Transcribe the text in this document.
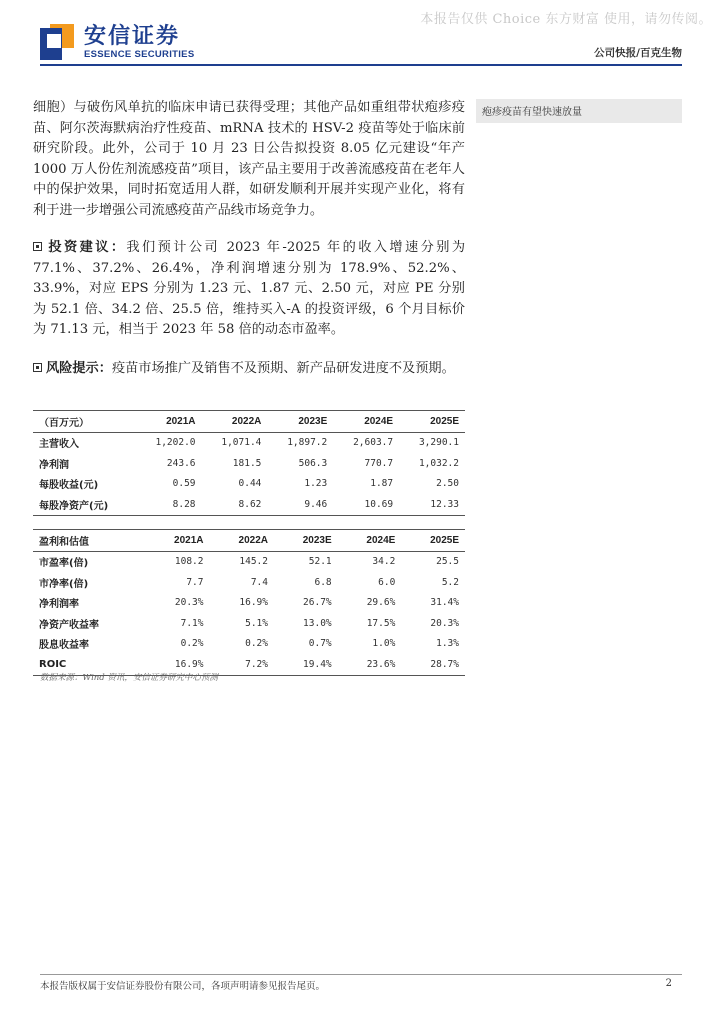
本报告仅供 Choice 东方财富 使用，请勿传阅。
安信证券
ESSENCE SECURITIES	公司快报/百克生物
疱疹疫苗有望快速放量

细胞）与破伤风单抗的临床申请已获得受理；其他产品如重组带状疱疹疫苗、阿尔茨海默病治疗性疫苗、mRNA 技术的 HSV-2 疫苗等处于临床前研究阶段。此外，公司于 10 月 23 日公告拟投资 8.05 亿元建设“年产 1000 万人份佐剂流感疫苗”项目，该产品主要用于改善流感疫苗在老年人中的保护效果，同时拓宽适用人群，如研发顺利开展并实现产业化，将有利于进一步增强公司流感疫苗产品线市场竞争力。

投资建议：我们预计公司 2023 年-2025 年的收入增速分别为 77.1%、37.2%、26.4%，净利润增速分别为 178.9%、52.2%、33.9%，对应 EPS 分别为 1.23 元、1.87 元、2.50 元，对应 PE 分别为 52.1 倍、34.2 倍、25.5 倍，维持买入-A 的投资评级，6 个月目标价为 71.13 元，相当于 2023 年 58 倍的动态市盈率。

风险提示：疫苗市场推广及销售不及预期、新产品研发进度不及预期。

（百万元）	2021A	2022A	2023E	2024E	2025E
主营收入	1,202.0	1,071.4	1,897.2	2,603.7	3,290.1
净利润	243.6	181.5	506.3	770.7	1,032.2
每股收益(元)	0.59	0.44	1.23	1.87	2.50
每股净资产(元)	8.28	8.62	9.46	10.69	12.33
盈利和估值	2021A	2022A	2023E	2024E	2025E
市盈率(倍)	108.2	145.2	52.1	34.2	25.5
市净率(倍)	7.7	7.4	6.8	6.0	5.2
净利润率	20.3%	16.9%	26.7%	29.6%	31.4%
净资产收益率	7.1%	5.1%	13.0%	17.5%	20.3%
股息收益率	0.2%	0.2%	0.7%	1.0%	1.3%
ROIC	16.9%	7.2%	19.4%	23.6%	28.7%
数据来源：Wind 资讯，安信证券研究中心预测
本报告版权属于安信证券股份有限公司，各项声明请参见报告尾页。	2
